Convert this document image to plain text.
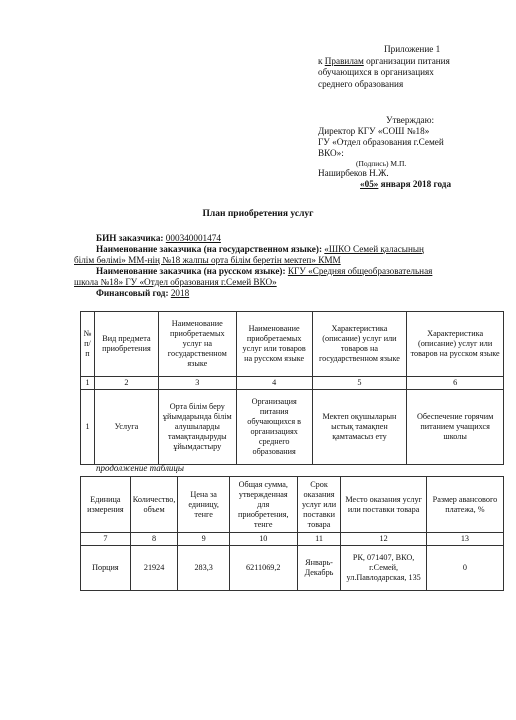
Приложение 1
к Правилам организации питания
обучающихся в организациях
среднего образования
Утверждаю:
Директор КГУ «СОШ №18»
ГУ «Отдел образования г.Семей
ВКО»:
(Подпись) М.П.
Наширбеков Н.Ж.
«05» января 2018 года
План приобретения услуг
БИН заказчика: 000340001474
Наименование заказчика (на государственном языке): «ШКО Семей қаласының
білім бөлімі» ММ-нің №18 жалпы орта білім беретін мектеп» КММ
Наименование заказчика (на русском языке): КГУ «Средняя общеобразовательная
школа №18» ГУ «Отдел образования г.Семей ВКО»
Финансовый год: 2018
№ п/п	Вид предмета приобретения	Наименование приобретаемых услуг на государственном языке	Наименование приобретаемых услуг или товаров на русском языке	Характеристика (описание) услуг или товаров на государственном языке	Характеристика (описание) услуг или товаров на русском языке
1	2	3	4	5	6
1	Услуга	Орта білім беру ұйымдарында білім алушыларды тамақтандыруды ұйымдастыру	Организация питания обучающихся в организациях среднего образования	Мектеп оқушыларын ыстық тамақпен қамтамасыз ету	Обеспечение горячим питанием учащихся школы
продолжение таблицы
Единица измерения	Количество, объем	Цена за единицу, тенге	Общая сумма, утвержденная для приобретения, тенге	Срок оказания услуг или поставки товара	Место оказания услуг или поставки товара	Размер авансового платежа, %
7	8	9	10	11	12	13
Порция	21924	283,3	6211069,2	Январь-Декабрь	РК, 071407, ВКО, г.Семей, ул.Павлодарская, 135	0
